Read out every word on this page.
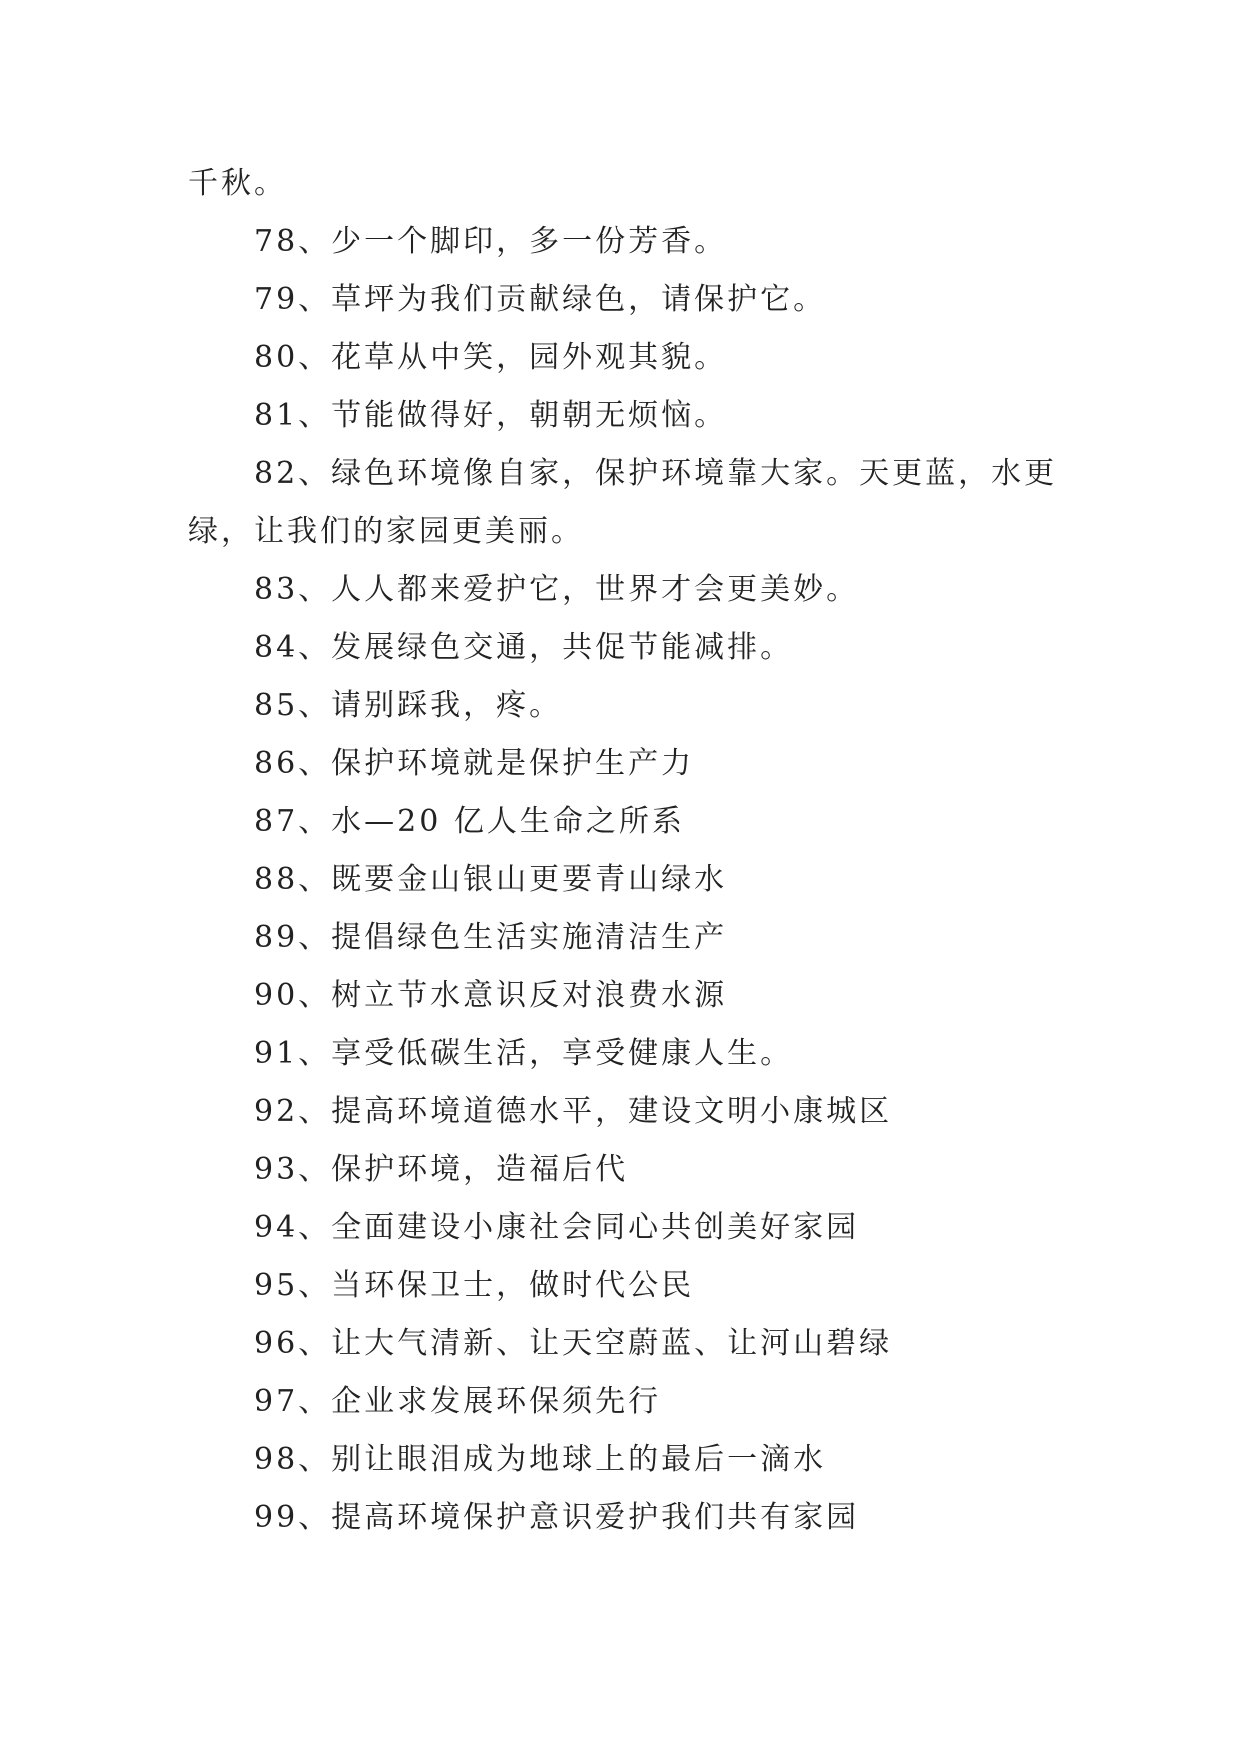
千秋。
78、少一个脚印，多一份芳香。
79、草坪为我们贡献绿色，请保护它。
80、花草从中笑，园外观其貌。
81、节能做得好，朝朝无烦恼。
82、绿色环境像自家，保护环境靠大家。天更蓝，水更
绿，让我们的家园更美丽。
83、人人都来爱护它，世界才会更美妙。
84、发展绿色交通，共促节能减排。
85、请别踩我，疼。
86、保护环境就是保护生产力
87、水—20 亿人生命之所系
88、既要金山银山更要青山绿水
89、提倡绿色生活实施清洁生产
90、树立节水意识反对浪费水源
91、享受低碳生活，享受健康人生。
92、提高环境道德水平，建设文明小康城区
93、保护环境，造福后代
94、全面建设小康社会同心共创美好家园
95、当环保卫士，做时代公民
96、让大气清新、让天空蔚蓝、让河山碧绿
97、企业求发展环保须先行
98、别让眼泪成为地球上的最后一滴水
99、提高环境保护意识爱护我们共有家园
